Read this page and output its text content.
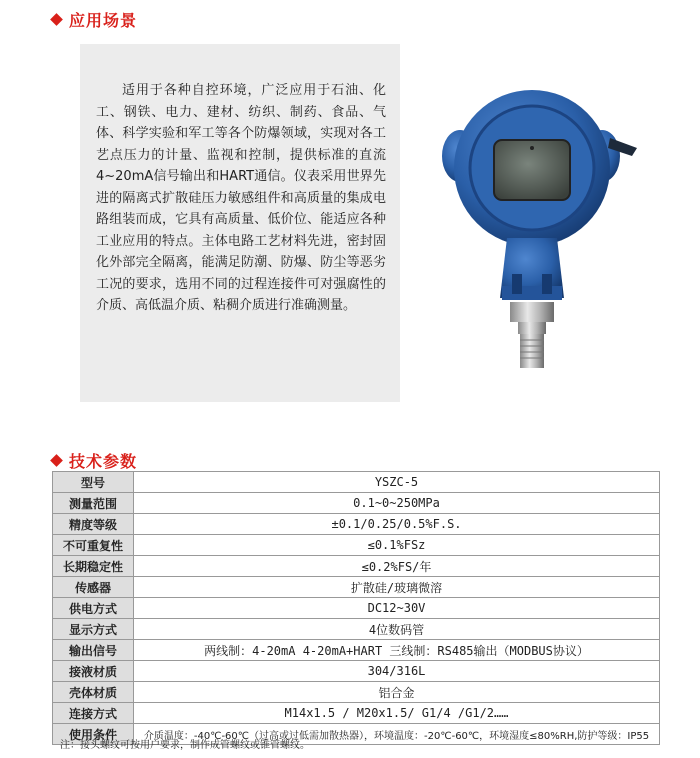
应用场景
适用于各种自控环境，广泛应用于石油、化工、钢铁、电力、建材、纺织、制药、食品、气体、科学实验和军工等各个防爆领域，实现对各工艺点压力的计量、监视和控制，提供标准的直流4~20mA信号输出和HART通信。仪表采用世界先进的隔离式扩散硅压力敏感组件和高质量的集成电路组装而成，它具有高质量、低价位、能适应各种工业应用的特点。主体电路工艺材料先进，密封固化外部完全隔离，能满足防潮、防爆、防尘等恶劣工况的要求，选用不同的过程连接件可对强腐性的介质、高低温介质、粘稠介质进行准确测量。
技术参数
型号	YSZC-5
测量范围	0.1~0~250MPa
精度等级	±0.1/0.25/0.5%F.S.
不可重复性	≤0.1%FSz
长期稳定性	≤0.2%FS/年
传感器	扩散硅/玻璃微溶
供电方式	DC12~30V
显示方式	4位数码管
输出信号	两线制：4-20mA 4-20mA+HART 三线制：RS485输出（MODBUS协议）
接液材质	304/316L
壳体材质	铝合金
连接方式	M14x1.5 / M20x1.5/ G1/4 /G1/2……
使用条件	介质温度：-40℃-60℃（过高或过低需加散热器），环境温度：-20℃-60℃，环境湿度≤80%RH,防护等级：IP55
注：接头螺纹可按用户要求，制作成管螺纹或锥管螺纹。
